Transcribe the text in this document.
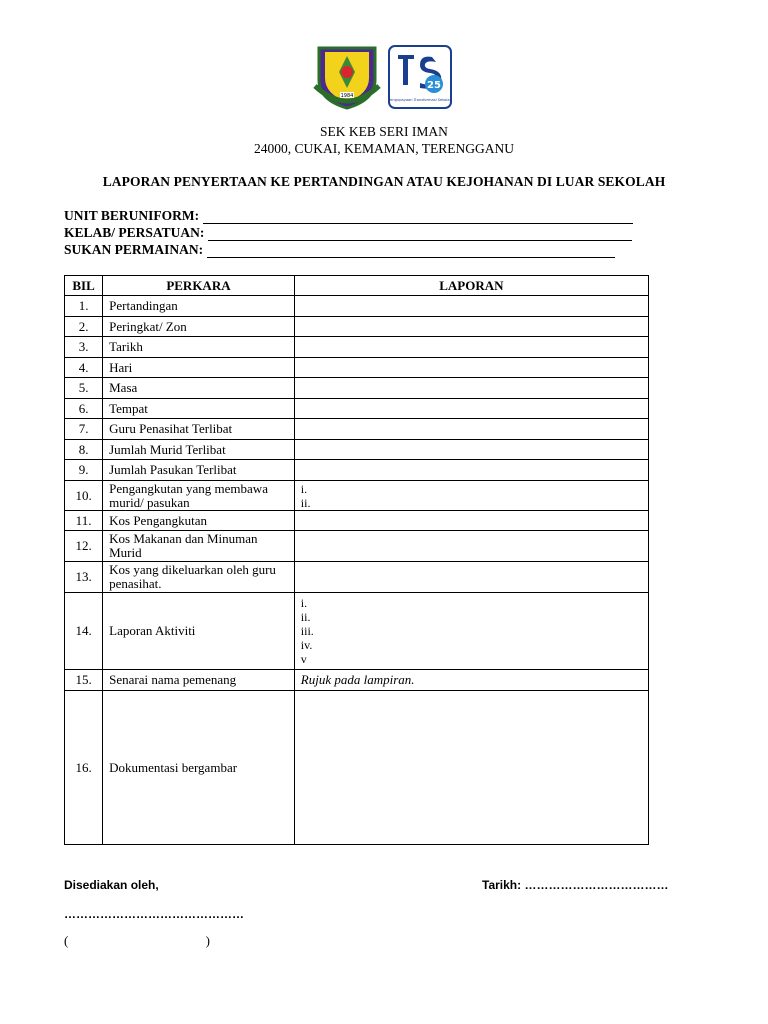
1984
25
Pengupayaan Transformasi Sekolah
SEK KEB SERI IMAN
24000, CUKAI, KEMAMAN, TERENGGANU
LAPORAN PENYERTAAN KE PERTANDINGAN ATAU KEJOHANAN DI LUAR SEKOLAH
UNIT BERUNIFORM:
KELAB/ PERSATUAN:
SUKAN PERMAINAN:
BIL	PERKARA	LAPORAN
1.	Pertandingan	
2.	Peringkat/ Zon	
3.	Tarikh	
4.	Hari	
5.	Masa	
6.	Tempat	
7.	Guru Penasihat Terlibat	
8.	Jumlah Murid Terlibat	
9.	Jumlah Pasukan Terlibat	
10.	Pengangkutan yang membawa murid/ pasukan	i.
ii.

11.	Kos Pengangkutan	
12.	Kos Makanan dan Minuman Murid	
13.	Kos yang dikeluarkan oleh guru penasihat.	
14.	Laporan Aktiviti	i.
ii.
iii.
iv.
v

15.	Senarai nama pemenang	Rujuk pada lampiran.
16.	Dokumentasi bergambar	
Disediakan oleh,	Tarikh: ………………………………
………………………………………
(	)
